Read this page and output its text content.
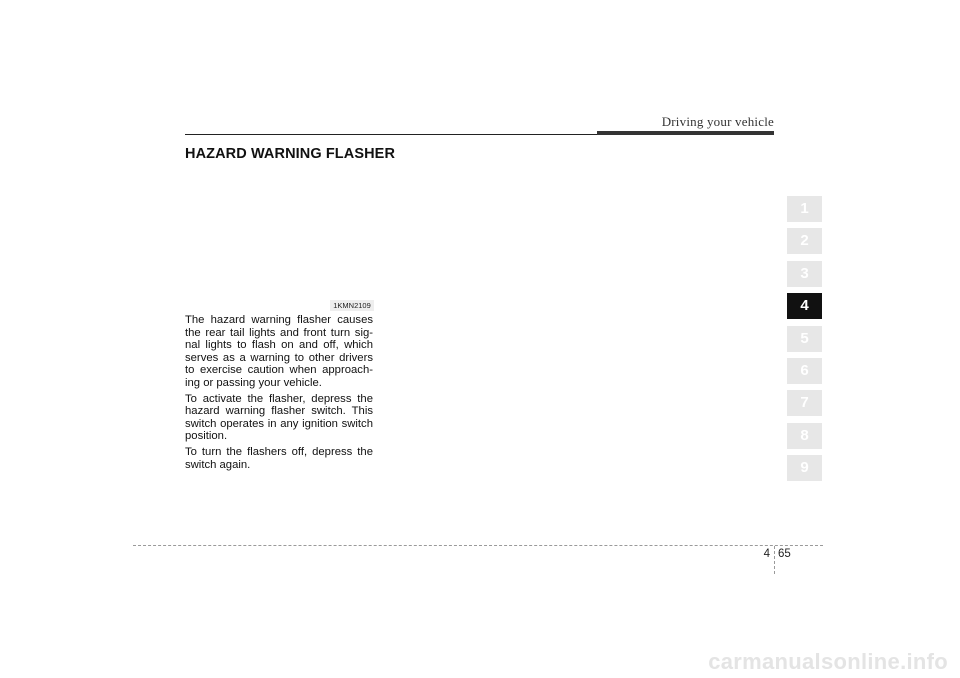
Driving your vehicle
HAZARD WARNING FLASHER
1KMN2109

The hazard warning flasher causes the rear tail lights and front turn sig-nal lights to flash on and off, which serves as a warning to other drivers to exercise caution when approach-ing or passing your vehicle.

To activate the flasher, depress the hazard warning flasher switch. This switch operates in any ignition switch position.

To turn the flashers off, depress the switch again.

1
2
3
4
5
6
7
8
9
4 65
carmanualsonline.info
